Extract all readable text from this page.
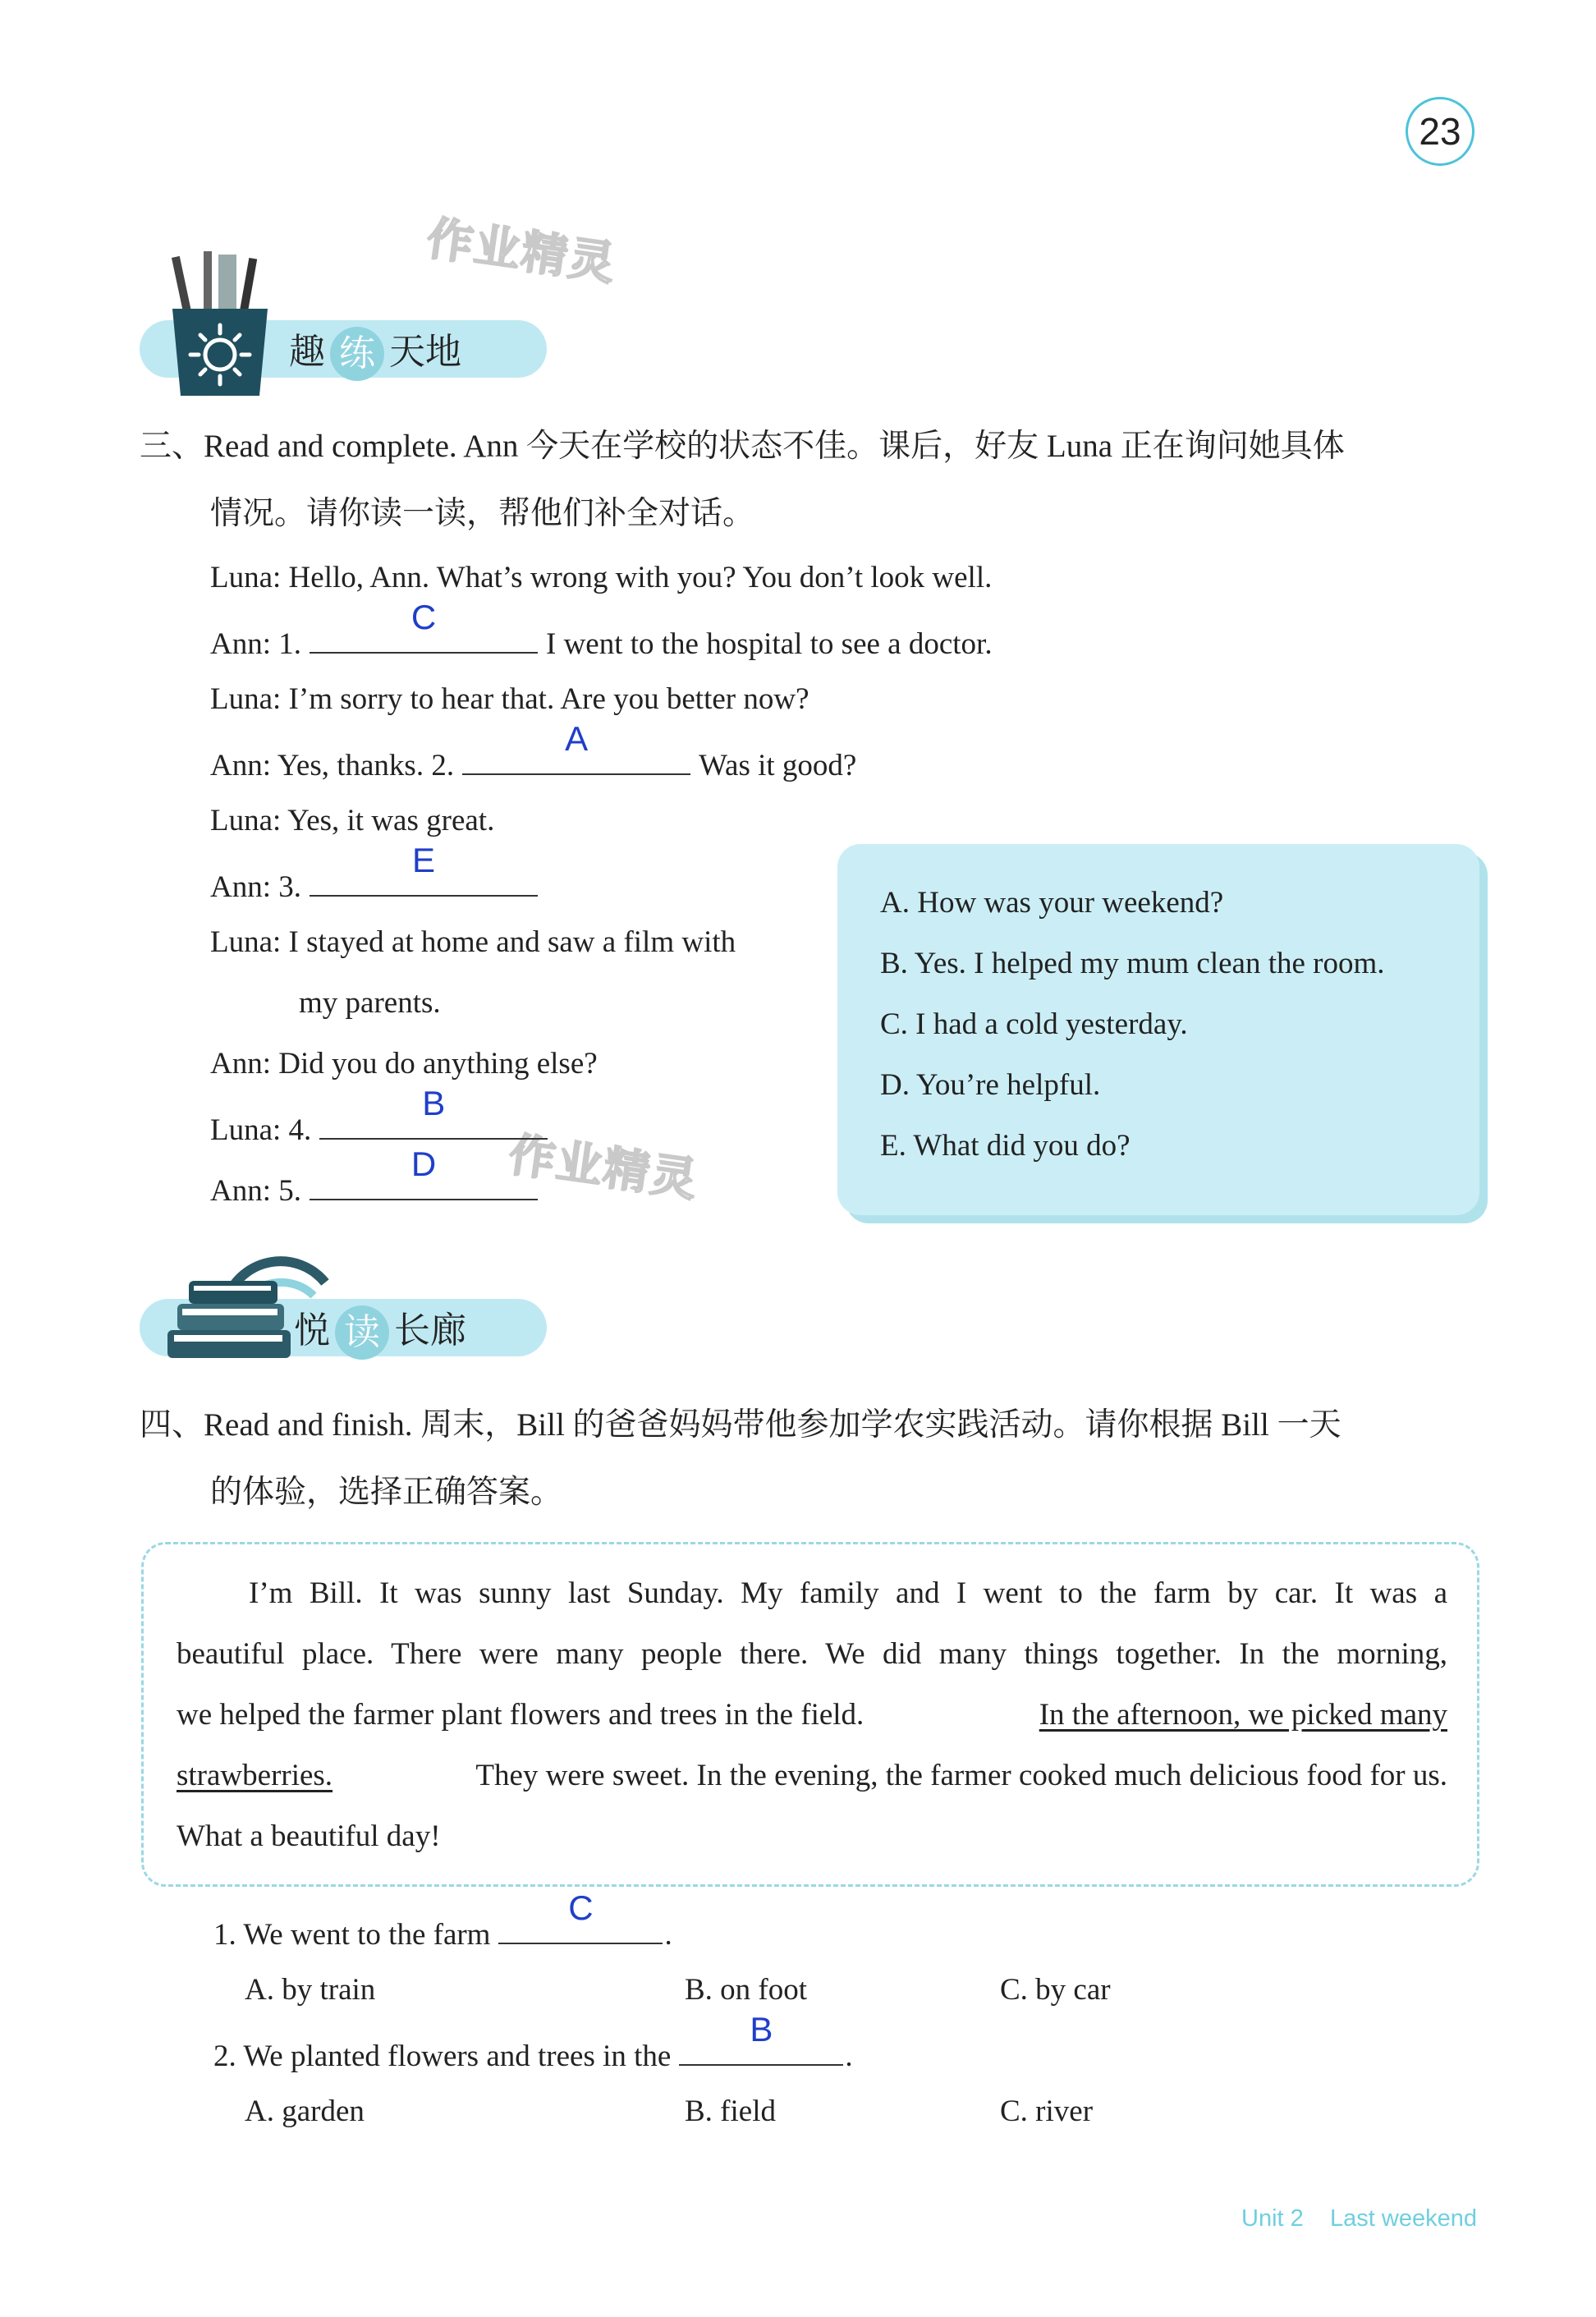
23
作业精灵
作业精灵
趣 练 天地
三、Read and complete. Ann 今天在学校的状态不佳。课后，好友 Luna 正在询问她具体
情况。请你读一读，帮他们补全对话。
Luna: Hello, Ann. What’s wrong with you? You don’t look well.
Ann: 1.
C
I went to the hospital to see a doctor.
Luna: I’m sorry to hear that. Are you better now?
Ann: Yes, thanks. 2.
A
Was it good?
Luna: Yes, it was great.
Ann: 3.
E
Luna: I stayed at home and saw a film with
my parents.
Ann: Did you do anything else?
Luna: 4.
B
Ann: 5.
D
A. How was your weekend?
B. Yes. I helped my mum clean the room.
C. I had a cold yesterday.
D. You’re helpful.
E. What did you do?
悦 读 长廊
四、Read and finish. 周末，Bill 的爸爸妈妈带他参加学农实践活动。请你根据 Bill 一天
的体验，选择正确答案。
I’m Bill. It was sunny last Sunday. My family and I went to the farm by car. It was a
beautiful place. There were many people there. We did many things together. In the morning,
we helped the farmer plant flowers and trees in the field.	In the afternoon, we picked many
strawberries.	They were sweet. In the evening, the farmer cooked much delicious food for us.
What a beautiful day!
1. We went to the farm
C
.
A. by train	B. on foot	C. by car
2. We planted flowers and trees in the
B
.
A. garden	B. field	C. river
Unit 2 Last weekend
